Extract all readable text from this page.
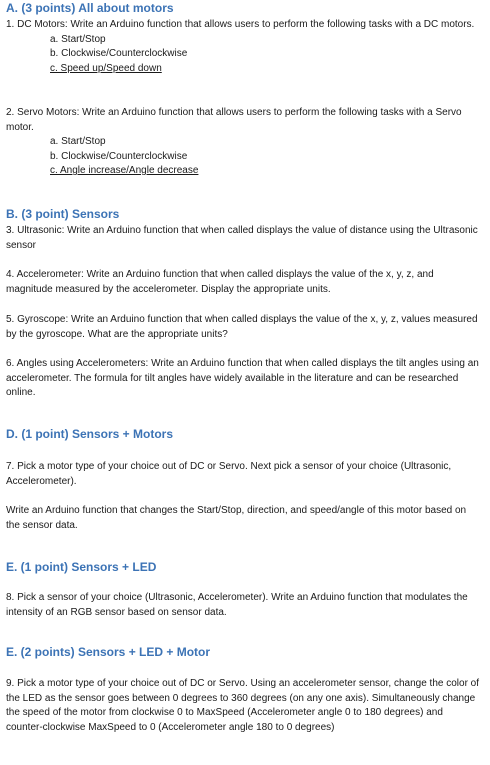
A. (3 points) All about motors

1. DC Motors: Write an Arduino function that allows users to perform the following tasks with a DC motors.

a. Start/Stop

b. Clockwise/Counterclockwise

c. Speed up/Speed down

2. Servo Motors: Write an Arduino function that allows users to perform the following tasks with a Servo motor.

a. Start/Stop

b. Clockwise/Counterclockwise

c. Angle increase/Angle decrease

B. (3 point) Sensors

3. Ultrasonic: Write an Arduino function that when called displays the value of distance using the Ultrasonic sensor

4. Accelerometer: Write an Arduino function that when called displays the value of the x, y, z, and magnitude measured by the accelerometer. Display the appropriate units.

5. Gyroscope: Write an Arduino function that when called displays the value of the x, y, z, values measured by the gyroscope. What are the appropriate units?

6. Angles using Accelerometers: Write an Arduino function that when called displays the tilt angles using an accelerometer. The formula for tilt angles have widely available in the literature and can be researched online.

D. (1 point) Sensors + Motors

7. Pick a motor type of your choice out of DC or Servo. Next pick a sensor of your choice (Ultrasonic, Accelerometer).

Write an Arduino function that changes the Start/Stop, direction, and speed/angle of this motor based on the sensor data.

E. (1 point) Sensors + LED

8. Pick a sensor of your choice (Ultrasonic, Accelerometer). Write an Arduino function that modulates the intensity of an RGB sensor based on sensor data.

E. (2 points) Sensors + LED + Motor

9. Pick a motor type of your choice out of DC or Servo. Using an accelerometer sensor, change the color of the LED as the sensor goes between 0 degrees to 360 degrees (on any one axis). Simultaneously change the speed of the motor from clockwise 0 to MaxSpeed (Accelerometer angle 0 to 180 degrees) and counter-clockwise MaxSpeed to 0 (Accelerometer angle 180 to 0 degrees)
